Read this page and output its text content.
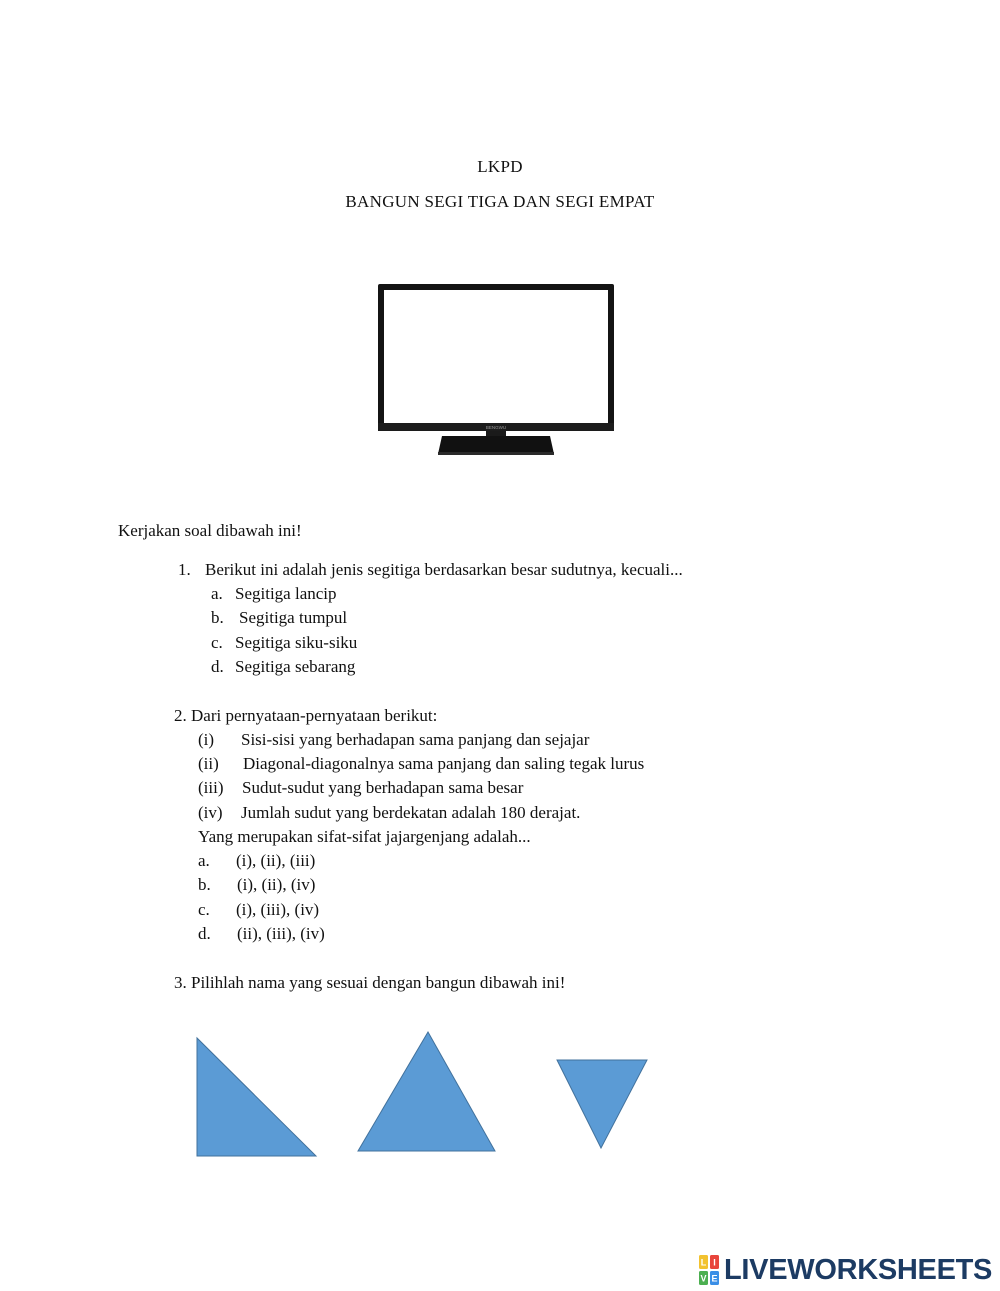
LKPD
BANGUN SEGI TIGA DAN SEGI EMPAT
BENGWU
Kerjakan soal dibawah ini!
1. Berikut ini adalah jenis segitiga berdasarkan besar sudutnya, kecuali...
a. Segitiga lancip
b. Segitiga tumpul
c. Segitiga siku-siku
d. Segitiga sebarang
2. Dari pernyataan-pernyataan berikut:
(i) Sisi-sisi yang berhadapan sama panjang dan sejajar
(ii) Diagonal-diagonalnya sama panjang dan saling tegak lurus
(iii) Sudut-sudut yang berhadapan sama besar
(iv) Jumlah sudut yang berdekatan adalah 180 derajat.
Yang merupakan sifat-sifat jajargenjang adalah...
a. (i), (ii), (iii)
b. (i), (ii), (iv)
c. (i), (iii), (iv)
d. (ii), (iii), (iv)
3. Pilihlah nama yang sesuai dengan bangun dibawah ini!
L I
V E LIVEWORKSHEETS
